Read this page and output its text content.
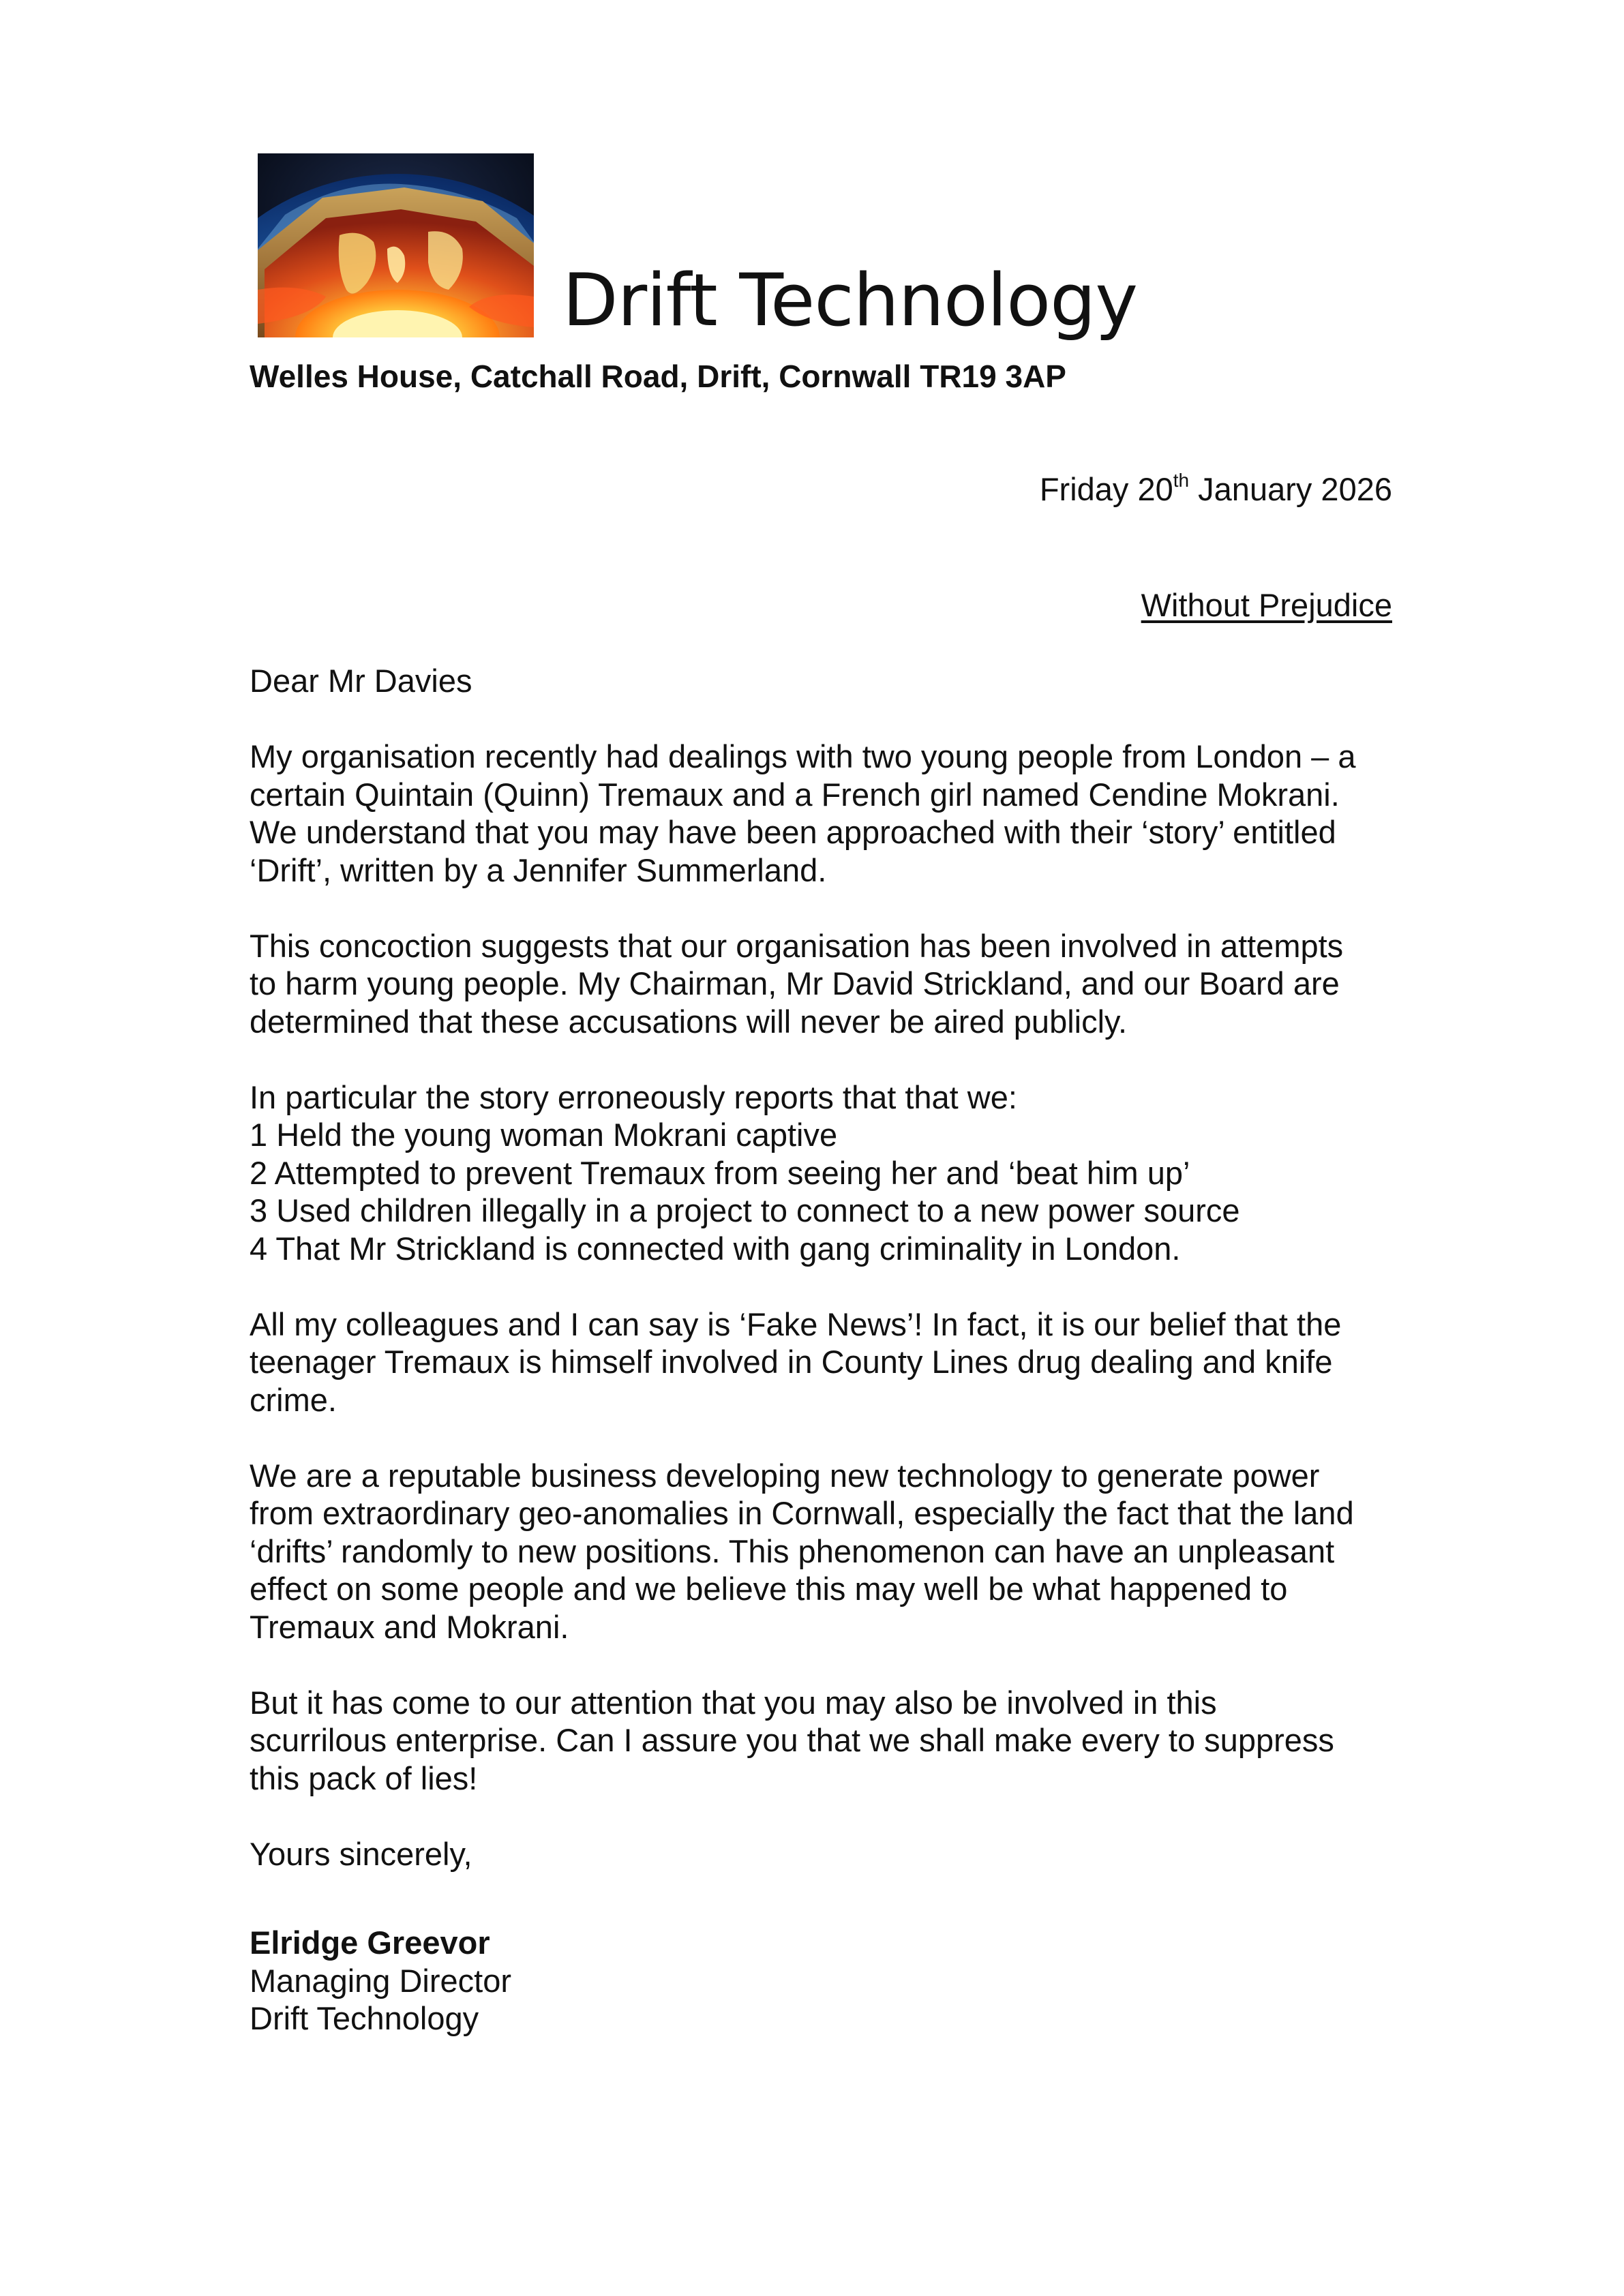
Drift Technology
Welles House, Catchall Road, Drift, Cornwall TR19 3AP
Friday 20th January 2026
Without Prejudice

Dear Mr Davies

My organisation recently had dealings with two young people from London – a
certain Quintain (Quinn) Tremaux and a French girl named Cendine Mokrani.
We understand that you may have been approached with their ‘story’ entitled
‘Drift’, written by a Jennifer Summerland.

This concoction suggests that our organisation has been involved in attempts
to harm young people. My Chairman, Mr David Strickland, and our Board are
determined that these accusations will never be aired publicly.

In particular the story erroneously reports that that we:
1 Held the young woman Mokrani captive
2 Attempted to prevent Tremaux from seeing her and ‘beat him up’
3 Used children illegally in a project to connect to a new power source
4 That Mr Strickland is connected with gang criminality in London.

All my colleagues and I can say is ‘Fake News’! In fact, it is our belief that the
teenager Tremaux is himself involved in County Lines drug dealing and knife
crime.

We are a reputable business developing new technology to generate power
from extraordinary geo-anomalies in Cornwall, especially the fact that the land
‘drifts’ randomly to new positions. This phenomenon can have an unpleasant
effect on some people and we believe this may well be what happened to
Tremaux and Mokrani.

But it has come to our attention that you may also be involved in this
scurrilous enterprise. Can I assure you that we shall make every to suppress
this pack of lies!

Yours sincerely,

Elridge Greevor

Managing Director

Drift Technology
